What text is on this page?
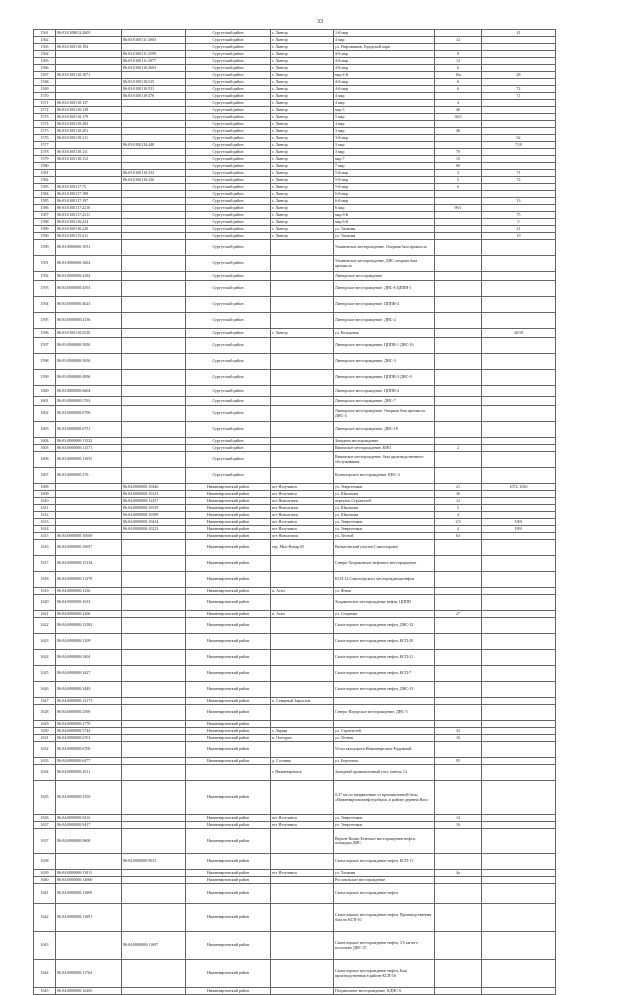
33
1561	86:03:0108012:2605		Сургутский район	г. Лянтор	1-й мкр		21
1562		86:03:0100111:3003	Сургутский район	г. Лянтор	4 мкр	12	
1563	86:03:0100110:194		Сургутский район	г. Лянтор	ул. Нефтяников, Городской парк		
1564		86:03:0100111:2599	Сургутский район	г. Лянтор	4-й мкр	9	
1565		86:03:0100111:3077	Сургутский район	г. Лянтор	4-й мкр	14	
1566		86:03:0100110:2603	Сургутский район	г. Лянтор	4-й мкр	6	
1567	86:03:0100110:1071		Сургутский район	г. Лянтор	мкр 4-й	10а	28
1568		86:03:0100110:525	Сургутский район	г. Лянтор	4-й мкр	6	
1569		86:03:0100110:531	Сургутский район	г. Лянтор	4-й мкр	6	72
1570		86:03:0100110:476	Сургутский район	г. Лянтор	4 мкр		71
1571	86:03:0100110:137		Сургутский район	г. Лянтор	4 мкр	4	
1572	86:03:0100110:138		Сургутский район	г. Лянтор	мкр 5	4б	
1573	86:03:0100110:179		Сургутский район	г. Лянтор	5 мкр	36/3	
1574	86:03:0100110:283		Сургутский район	г. Лянтор	3 мкр		
1575	86:03:0100110:201		Сургутский район	г. Лянтор	3 мкр	48	
1576	86:03:0100110:211		Сургутский район	г. Лянтор	3-й мкр		62
1577		86:03:0100110:448	Сургутский район	г. Лянтор	3 мкр		71/0
1578	86:03:0100110:111		Сургутский район	г. Лянтор	3 мкр	70	
1579	86:03:0100110:112		Сургутский район	г. Лянтор	мкр 7	15	
1580			Сургутский район	г. Лянтор	7 мкр	80	
1581		86:03:0100110:332	Сургутский район	г. Лянтор	5-й мкр	2	71
1582		86:03:0100110:326	Сургутский район	г. Лянтор	5-й мкр	5	72
1583	86:03:0100117:75		Сургутский район	г. Лянтор	5-й мкр	6	
1584	86:03:0100117:199		Сургутский район	г. Лянтор	6-й мкр		
1585	86:03:0100117:197		Сургутский район	г. Лянтор	6-й мкр		13
1586	86:03:0100117:2210		Сургутский район	г. Лянтор	6 мкр	98/1	
1587	86:03:0100117:2211		Сургутский район	г. Лянтор	мкр 6-й		75
1588	86:03:0100116:224		Сургутский район	г. Лянтор	мкр 6-й		5
1589	86:03:0100116:220		Сургутский район	г. Лянтор	ул. Таежная		21
1590	86:03:0100115:211		Сургутский район	г. Лянтор	ул. Таежная		19
1590	86:03:0000000:1051		Сургутский район		Ульяновское месторождение. Опорная база промысла		
1591	86:03:0000000:3662		Сургутский район		Ульяновское месторождение, ДНС опорная база промысла		
1592	86:03:0000000:4182		Сургутский район		Лянторское месторождение		
1593	86:03:0000000:4593		Сургутский район		Лянторское месторождение, ДНС-6 ЦППН-1		
1594	86:03:0000000:4623		Сургутский район		Лянторское месторождение, ЦППН-4		
1595	86:03:0000000:4136		Сургутский район		Лянторское месторождение, ДНС-2		
1596	86:03:0100110:2520		Сургутский район	г. Лянтор	ул. Кольцевая		26/18
1597	86:03:0000000:5830		Сургутский район		Лянторское месторождение, ЦППН-1 ДНС-16		
1598	86:03:0000000:5650		Сургутский район		Лянторское месторождение, ДНС-3		
1599	86:03:0000000:4896		Сургутский район		Лянторское месторождение, ЦППН-3 ДНС-9		
1600	86:03:0000000:6604		Сургутский район		Лянторское месторождение, ЦППН-4		
1601	86:03:0000000:5763		Сургутский район		Лянторское месторождение, ДНС-7		
1602	86:03:0000000:8796		Сургутский район		Лянторское месторождение. Опорная база промысла ДНС-4		
1603	86:03:0000000:6751		Сургутский район		Лянторское месторождение, ДНС-18		
1604	86:03:0000000:11532		Сургутский район		Западное месторождение		
1605	86:03:0000000:11571		Сургутский район		Вачимское месторождение, КПО	2	
1606	86:03:0000000:11055		Сургутский район		Вачимское месторождение, база производственного обслуживания		
1607	86:03:0000000:276		Сургутский район		Конитлорское месторождение, КНС-3		
1608		86:04:0000000:10446	Нижневартовский район	пгт Излучинск	ул. Энергетиков	21	1072, 1043
1609		86:04:0000000:10123	Нижневартовский район	пгт Излучинск	ул. Школьная	36	
1610		86:04:0000000:12437	Нижневартовский район	пгт Новоаганск	переулок Строителей	12	
1611		86:04:0000000:10319	Нижневартовский район	пгт Новоаганск	ул. Школьная	5	
1612		86:04:0000000:10399	Нижневартовский район	пгт Новоаганск	ул. Школьная	4	
1613		86:04:0000000:10434	Нижневартовский район	пгт Излучинск	ул. Энергетиков	2/3	1001
1614		86:04:0000000:10223	Нижневартовский район	пгт Излучинск	ул. Энергетиков	4	1991
1615	86:04:0000000:10049		Нижневартовский район	пгт Новоаганск	ул. Лесной	63	
1616	86:04:0000000:10037		Нижневартовский район	тер. Мыс-Кунар 65	Ванъеганский участок Самотлорское		
1617	86:04:0000000:13134		Нижневартовский район		Северо-Хохряковское нефтяное месторождение		
1618	86:04:0000000:11379		Нижневартовский район		КСП-14 Самотлорского месторождения нефти		
1619	86:04:0000000:1236		Нижневартовский район	п. Аган	ул. Ягная		
1620	86:04:0000000:1633		Нижневартовский район		Хохряковское месторождение нефти, ЦППН		
1621	86:04:0000000:2266		Нижневартовский район	п. Аган	ул. Спортная	27	
1622	86:04:0000000:12582		Нижневартовский район		Самотлорское месторождение нефти, ДНС-32		
1623	86:04:0000000:3109		Нижневартовский район		Самотлорское месторождение нефти, КСП-20		
1624	86:04:0000000:3404		Нижневартовский район		Самотлорское месторождение нефти, КСП-21		
1625	86:04:0000000:3427		Нижневартовский район		Самотлорское месторождение нефти, КСП-7		
1626	86:04:0000000:3449		Нижневартовский район		Самотлорское месторождение нефти, ДНС-13		
1627	86:04:0000000:12173		Нижневартовский район	п. Северный Зарыслов			
1628	86:04:0000000:2569		Нижневартовский район		Северо-Покурское месторождение, ДНС-5		
1629	86:04:0000000:2778		Нижневартовский район				
1630	86:04:0000000:5744		Нижневартовский район	г. Ларьяк	ул. Строителей	32	
1631	86:04:0000000:6761		Нижневартовский район	п. Охтеурье	ул. Летняя	16	
1632	86:04:0000000:6700		Нижневартовский район		52-км автодороги Нижневартовск-Радужный		
1633	86:04:0000000:6477		Нижневартовский район	д. Соснина	ул. Береговая	95	
1634	86:04:0000000:2911			г. Нижневартовск	Западный промышленный узел, панель 14		
1635	86:04:0000000:5359		Нижневартовский район		0,37 км по направлению от промышленной базы «Нижневартовскнефтедобыча» в районе деревни Вата		
1636	86:04:0000000:9416		Нижневартовский район	пгт Излучинск	ул. Энергетиков	14	
1637	86:04:0000000:9417		Нижневартовский район	пгт Излучинск	ул. Энергетиков	16	
1637	86:04:0000000:9600		Нижневартовский район		Верхне-Колик-Еганское месторождение нефти, площадка ДНС		
1638		86:04:0000000:9615	Нижневартовский район		Самотлорское месторождение нефти, КСП-11		
1639	86:04:0000000:11811		Нижневартовский район	пгт Излучинск	ул. Таежная	4а	
1640	86:04:0000000:14660		Нижневартовский район		Рославльское месторождение		
1641	86:04:0000000:11069		Нижневартовский район		Самотлорское месторождение нефти		
1642	86:04:0000000:11691		Нижневартовский район		Самотлорское месторождение нефти, Производственная база на КСП-10		
1643		86:04:0000000:11697	Нижневартовский район		Самотлорское месторождение нефти, 3,5 км юго-восточнее ДНС-37		
1644	86:04:0000000:11764		Нижневартовский район		Самотлорское месторождение нефти, База производственная в районе КСП-16		
1645	86:04:0000000:16265		Нижневартовский район		Пограничное месторождение, КДНС-6		
